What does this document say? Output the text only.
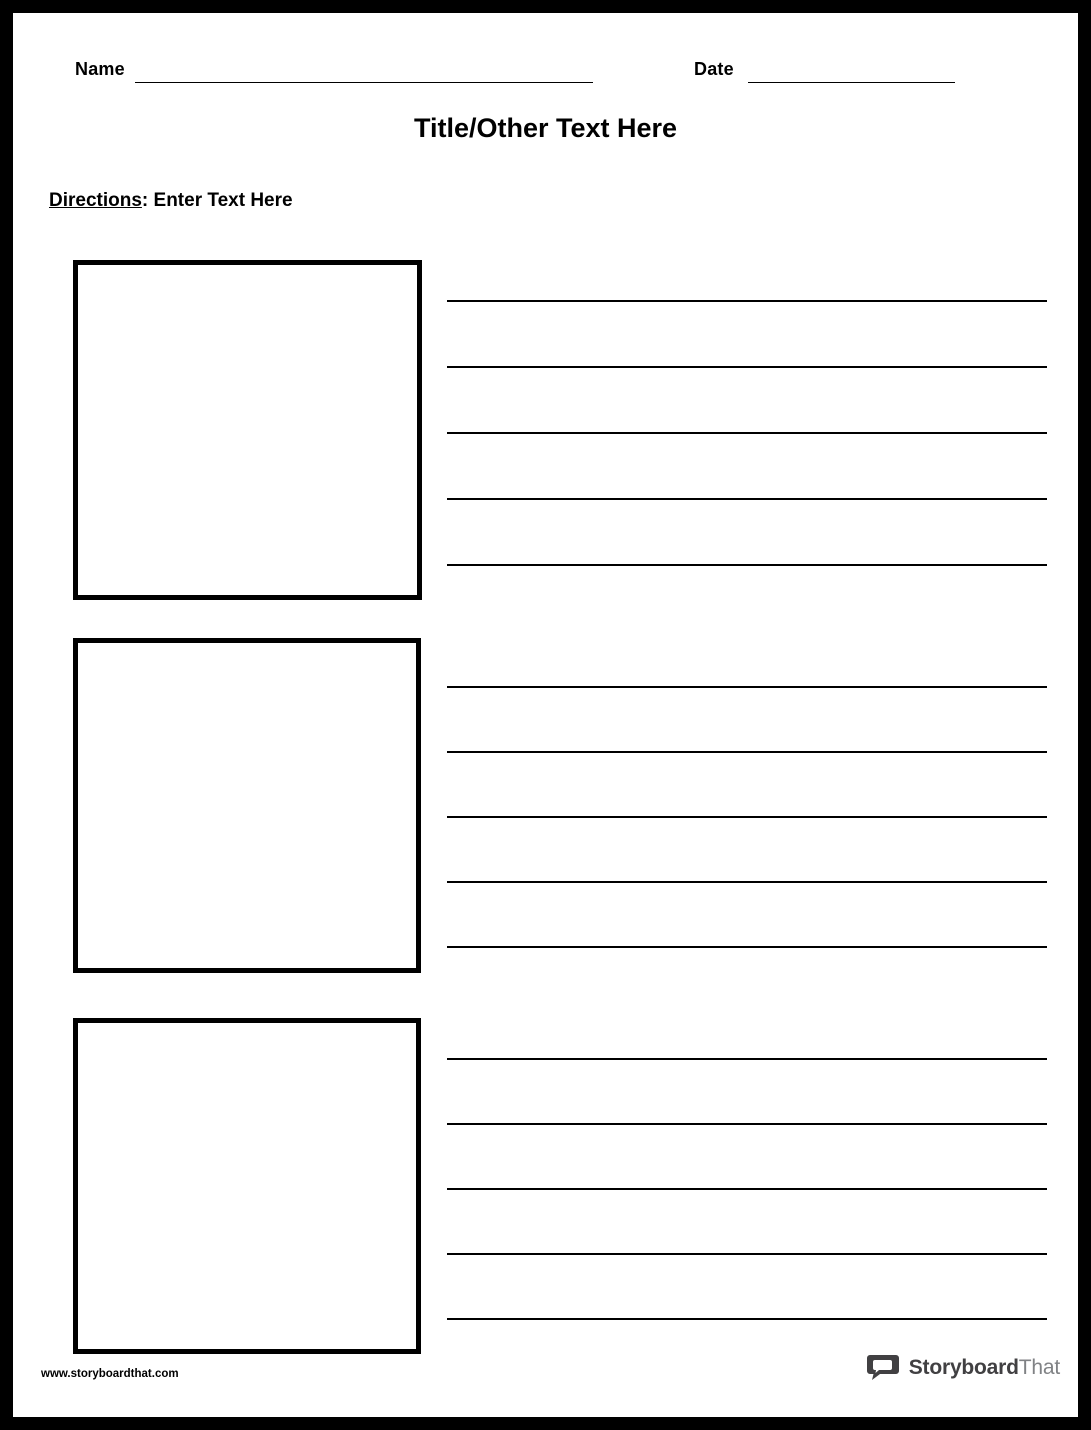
Name	Date
Title/Other Text Here
Directions: Enter Text Here
www.storyboardthat.com	StoryboardThat
